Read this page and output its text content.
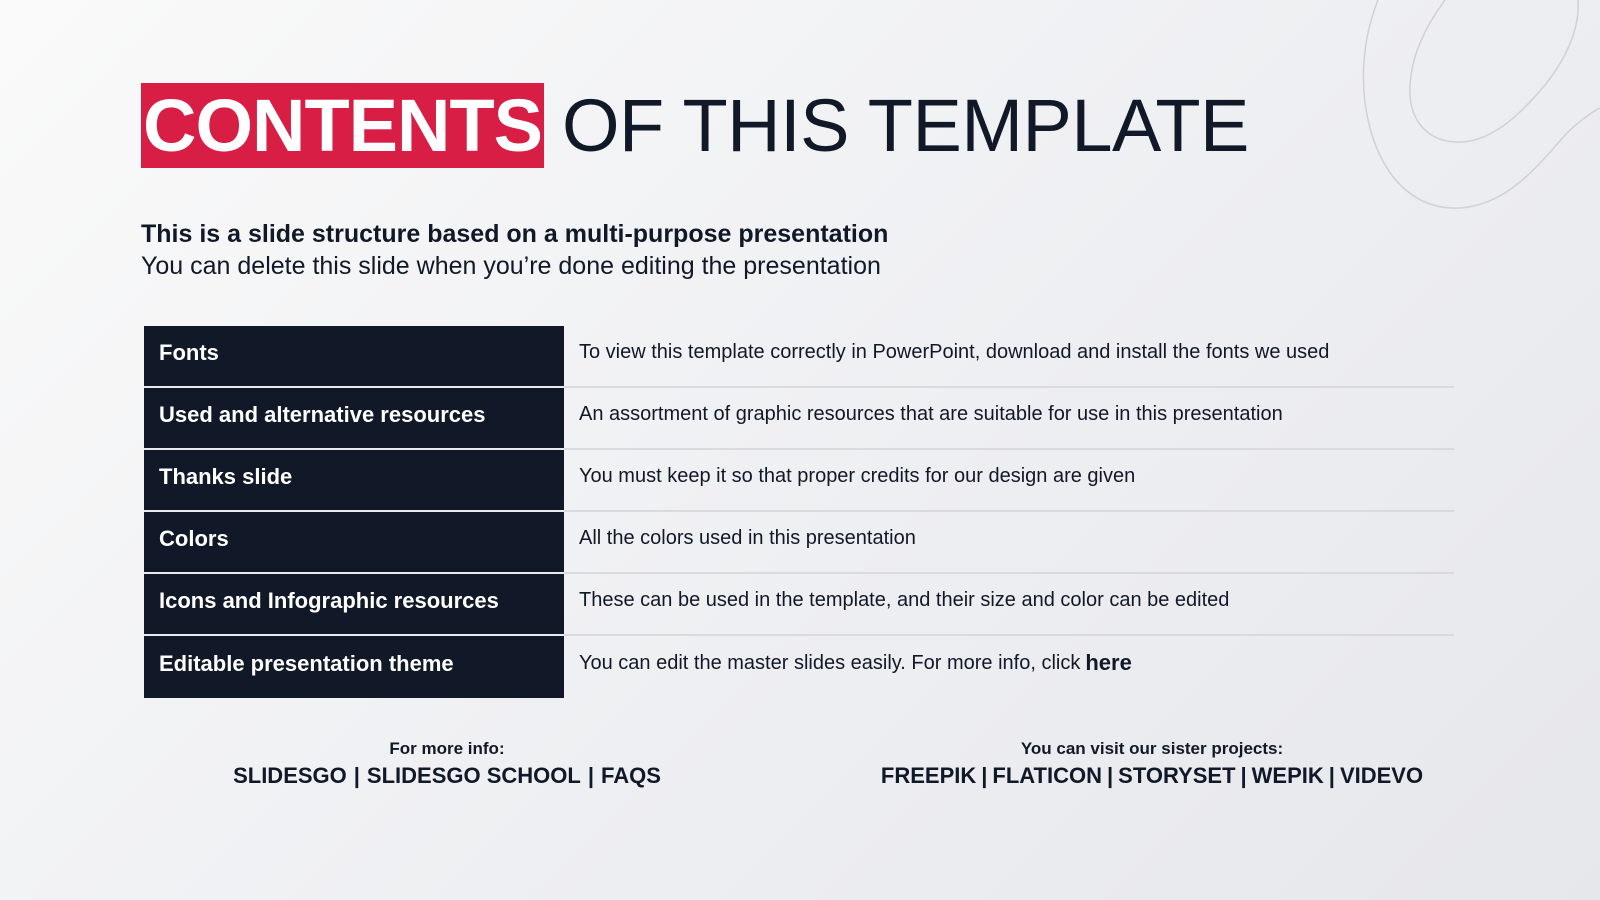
CONTENTS OF THIS TEMPLATE
This is a slide structure based on a multi-purpose presentation
You can delete this slide when you’re done editing the presentation
Fonts	To view this template correctly in PowerPoint, download and install the fonts we used
Used and alternative resources	An assortment of graphic resources that are suitable for use in this presentation
Thanks slide	You must keep it so that proper credits for our design are given
Colors	All the colors used in this presentation
Icons and Infographic resources	These can be used in the template, and their size and color can be edited
Editable presentation theme	You can edit the master slides easily. For more info, click here
For more info:
SLIDESGO | SLIDESGO SCHOOL | FAQS
You can visit our sister projects:
FREEPIK | FLATICON | STORYSET | WEPIK | VIDEVO
